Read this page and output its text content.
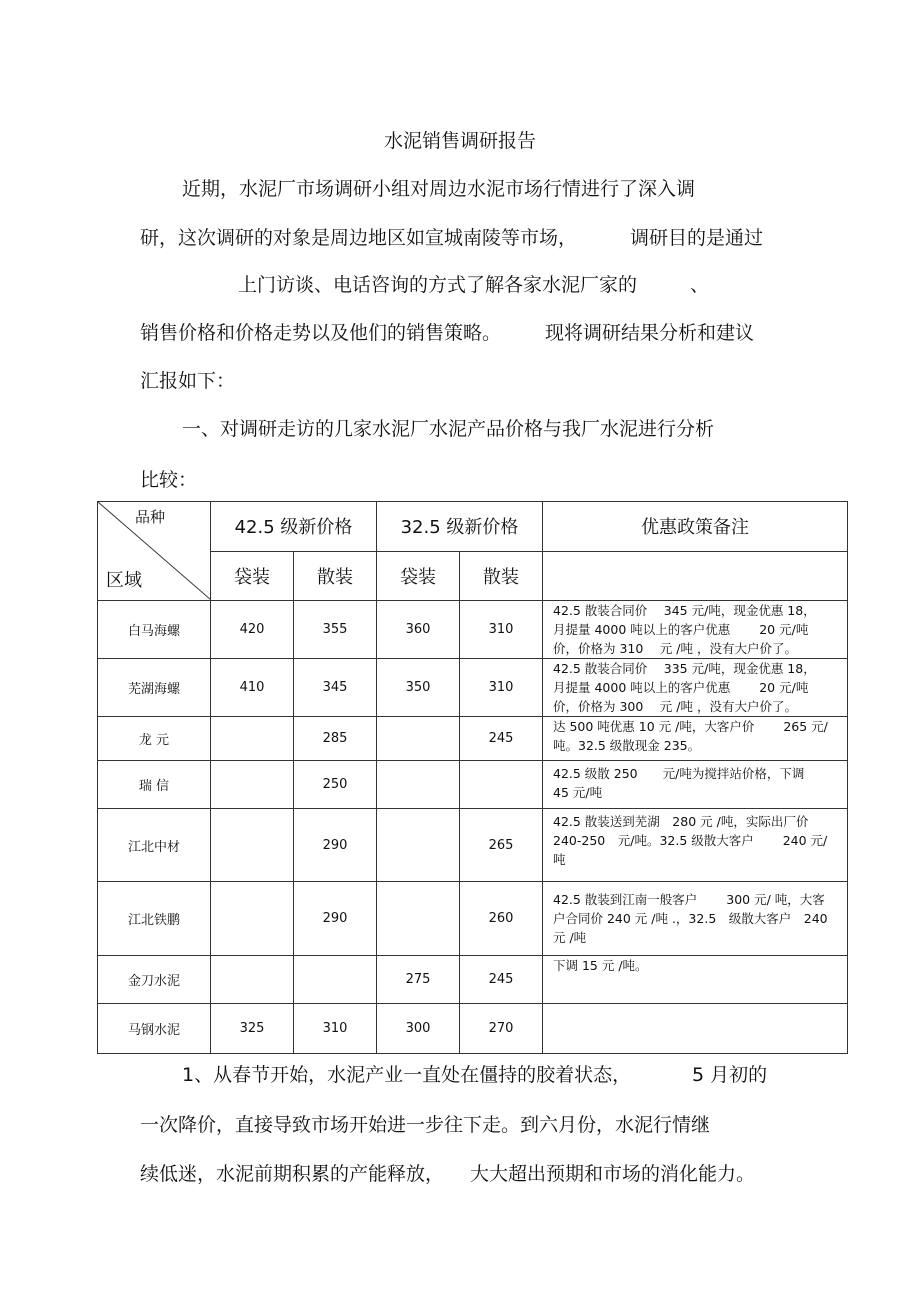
水泥销售调研报告
近期，水泥厂市场调研小组对周边水泥市场行情进行了深入调
研，这次调研的对象是周边地区如宣城南陵等市场，	调研目的是通过
上门访谈、电话咨询的方式了解各家水泥厂家的	、
销售价格和价格走势以及他们的销售策略。 现将调研结果分析和建议
汇报如下：
一、对调研走访的几家水泥厂水泥产品价格与我厂水泥进行分析
比较：
品种
区域	42.5 级新价格		32.5 级新价格		优惠政策备注
	袋装	散装	袋装	散装	
白马海螺	420	355	360	310	42.5 散装合同价　 345 元/吨，现金优惠 18，
月提量 4000 吨以上的客户优惠　　 20 元/吨
价，价格为 310　 元 /吨 ，没有大户价了。

芜湖海螺	410	345	350	310	42.5 散装合同价　 335 元/吨，现金优惠 18，
月提量 4000 吨以上的客户优惠　　 20 元/吨
价，价格为 300　 元 /吨 ，没有大户价了。

龙 元		285		245	达 500 吨优惠 10 元 /吨，大客户价　　 265 元/
吨。32.5 级散现金 235。

瑞 信		250			42.5 级散 250　　元/吨为搅拌站价格，下调
45 元/吨

江北中材		290		265	42.5 散装送到芜湖　280 元 /吨，实际出厂价
240-250　元/吨。32.5 级散大客户　　 240 元/
吨

江北铁鹏		290		260	42.5 散装到江南一般客户　　 300 元/ 吨，大客
户合同价 240 元 /吨 .，32.5　级散大客户　240
元 /吨

金刀水泥			275	245	下调 15 元 /吨。

马钢水泥	325	310	300	270	
1、从春节开始，水泥产业一直处在僵持的胶着状态，	5 月初的
一次降价，直接导致市场开始进一步往下走。到六月份，水泥行情继
续低迷，水泥前期积累的产能释放， 大大超出预期和市场的消化能力。
